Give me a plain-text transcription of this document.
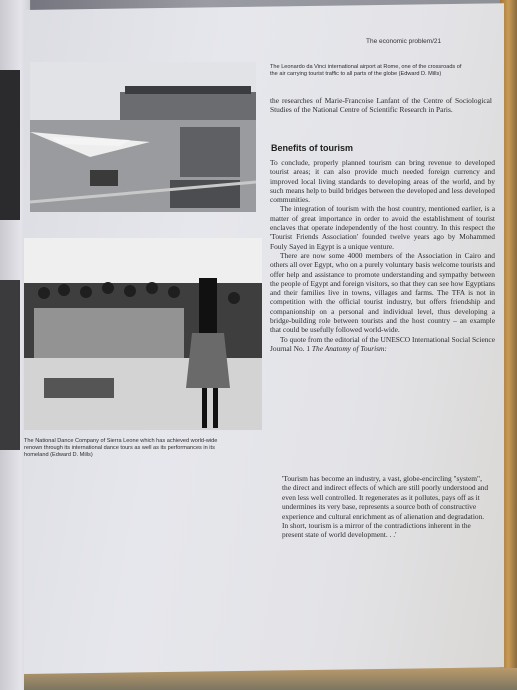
The economic problem/21
The Leonardo da Vinci international airport at Rome, one of the crossroads of the air carrying tourist traffic to all parts of the globe (Edward D. Mills)
The National Dance Company of Sierra Leone which has achieved world-wide renown through its international dance tours as well as its performances in its homeland (Edward D. Mills)
the researches of Marie-Francoise Lanfant of the Centre of Sociological Studies of the National Centre of Scientific Research in Paris.
Benefits of tourism

To conclude, properly planned tourism can bring revenue to developed tourist areas; it can also provide much needed foreign currency and improved local living standards to developing areas of the world, and by such means help to build bridges between the developed and less developed communities.

The integration of tourism with the host country, mentioned earlier, is a matter of great importance in order to avoid the establishment of tourist enclaves that operate independently of the host country. In this respect the 'Tourist Friends Association' founded twelve years ago by Mohammed Fouly Sayed in Egypt is a unique venture.

There are now some 4000 members of the Association in Cairo and others all over Egypt, who on a purely voluntary basis welcome tourists and offer help and assistance to promote understanding and sympathy between the people of Egypt and foreign visitors, so that they can see how Egyptians and their families live in towns, villages and farms. The TFA is not in competition with the official tourist industry, but offers friendship and companionship on a personal and individual level, thus developing a bridge-building role between tourists and the host country – an example that could be usefully followed world-wide.

To quote from the editorial of the UNESCO International Social Science Journal No. 1 The Anatomy of Tourism:

'Tourism has become an industry, a vast, globe-encircling "system", the direct and indirect effects of which are still poorly understood and even less well controlled. It regenerates as it pollutes, pays off as it undermines its very base, represents a source both of constructive experience and cultural enrichment as of alienation and degradation. In short, tourism is a mirror of the contradictions inherent in the present state of world development. . .'
